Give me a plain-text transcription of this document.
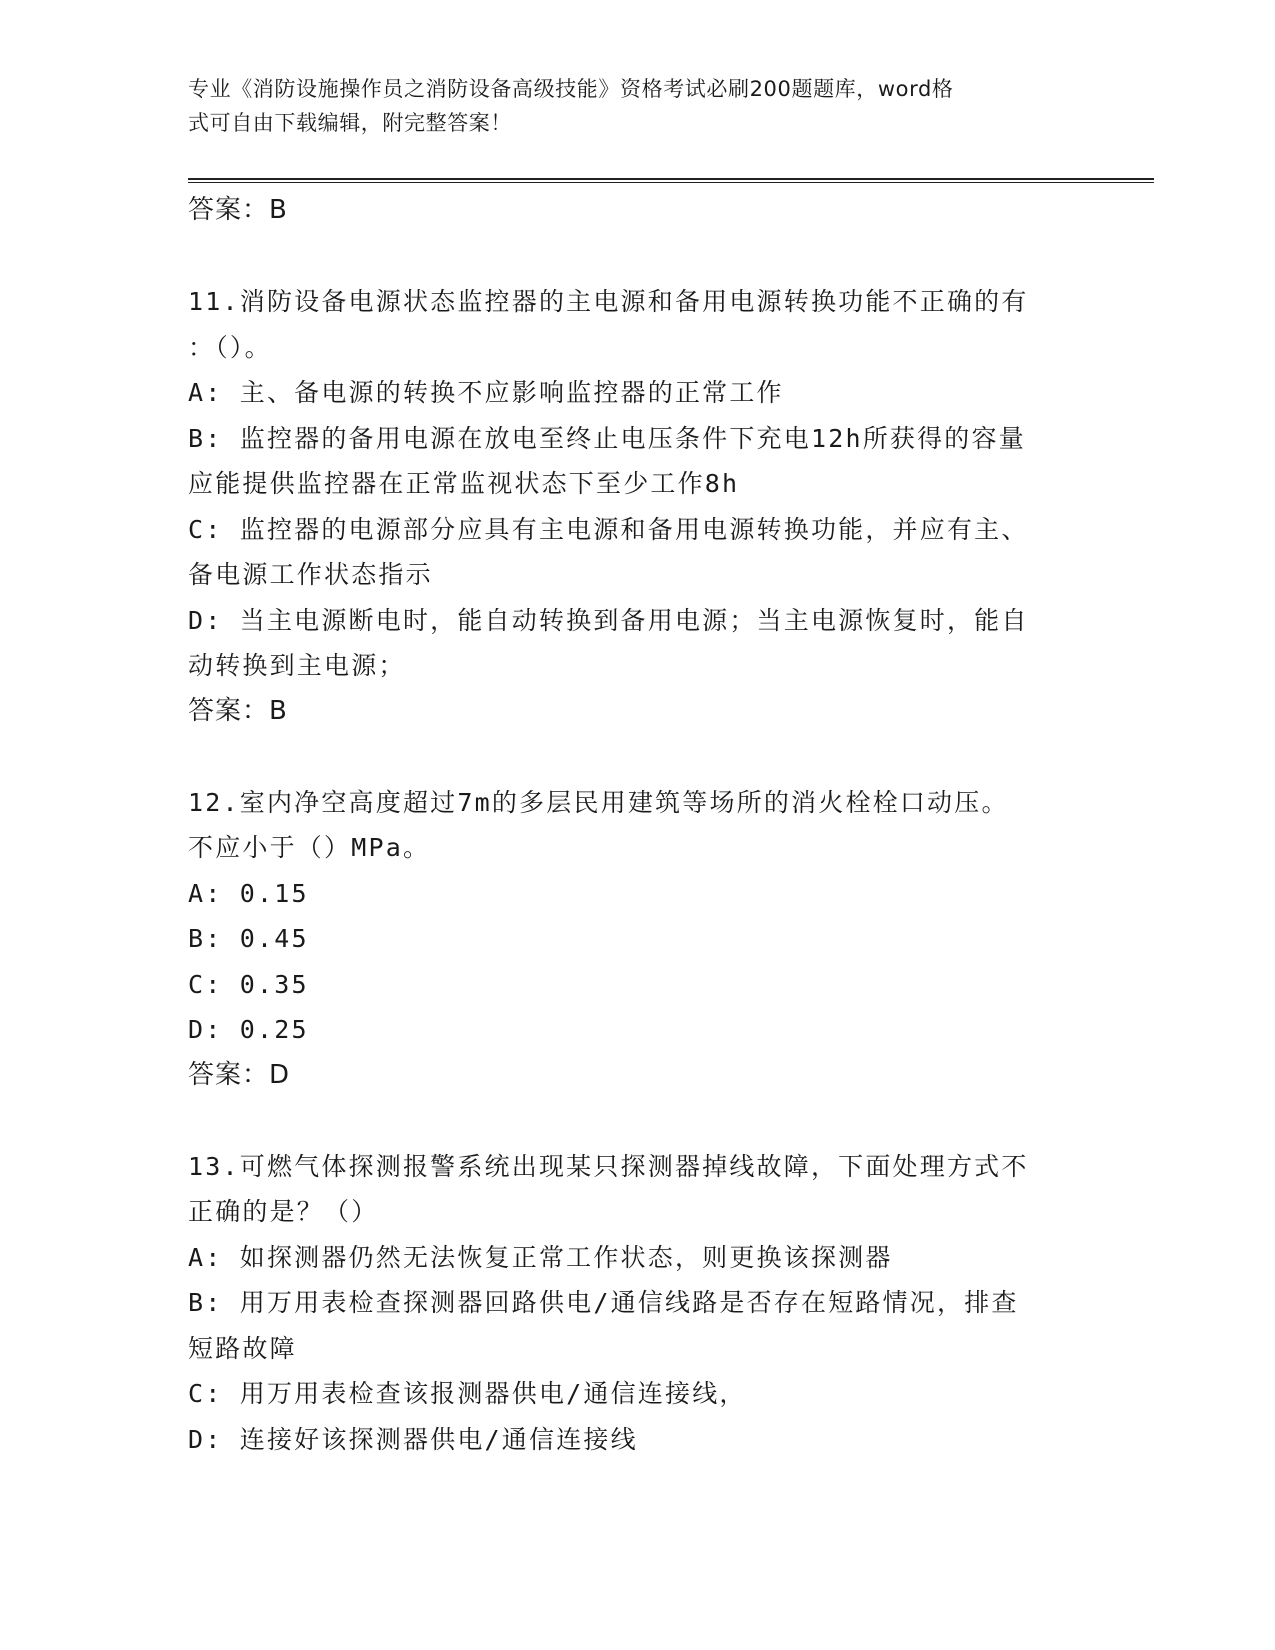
专业《消防设施操作员之消防设备高级技能》资格考试必刷200题题库，word格
式可自由下载编辑，附完整答案！
答案：B
11.消防设备电源状态监控器的主电源和备用电源转换功能不正确的有
：（）。
A: 主、备电源的转换不应影响监控器的正常工作
B: 监控器的备用电源在放电至终止电压条件下充电12h所获得的容量
应能提供监控器在正常监视状态下至少工作8h
C: 监控器的电源部分应具有主电源和备用电源转换功能，并应有主、
备电源工作状态指示
D: 当主电源断电时，能自动转换到备用电源；当主电源恢复时，能自
动转换到主电源；
答案：B
12.室内净空高度超过7m的多层民用建筑等场所的消火栓栓口动压。
不应小于（）MPa。
A: 0.15
B: 0.45
C: 0.35
D: 0.25
答案：D
13.可燃气体探测报警系统出现某只探测器掉线故障，下面处理方式不
正确的是？（）
A: 如探测器仍然无法恢复正常工作状态，则更换该探测器
B: 用万用表检查探测器回路供电/通信线路是否存在短路情况，排查
短路故障
C: 用万用表检查该报测器供电/通信连接线，
D: 连接好该探测器供电/通信连接线
